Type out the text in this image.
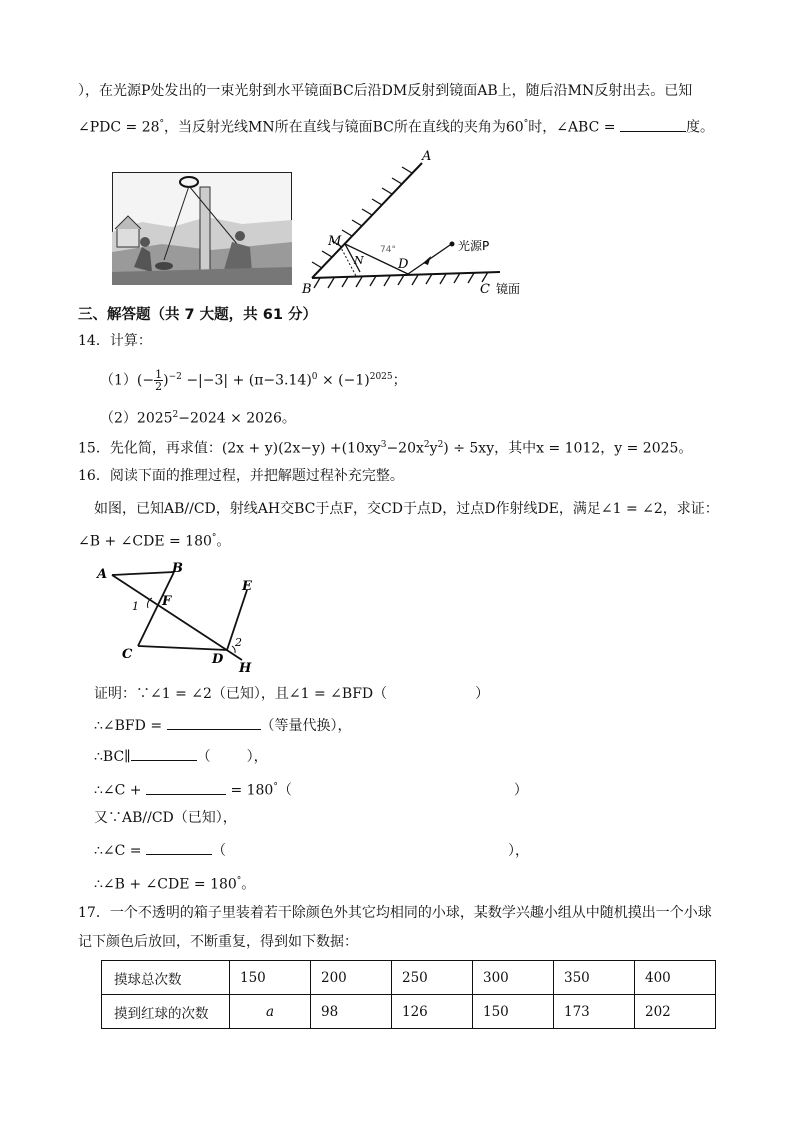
），在光源P处发出的一束光射到水平镜面BC后沿DM反射到镜面AB上，随后沿MN反射出去。已知
∠PDC = 28°，当反射光线MN所在直线与镜面BC所在直线的夹角为60°时，∠ABC =	度。
A
B	C 镜面
M
N	D
光源P
74°
三、解答题（共 7 大题，共 61 分）
14．计算：
$(1)(- \frac{1}{2} )^{-2} -|-3| + (\pi-3.14)^0 \times (-1)^{2025}$；
$(2)2025^2-2024 \times 2026$。
15．先化简，再求值：$(2x + y)(2x-y) +(10xy^3-20x^2y^2) \div 5xy$，其中x = 1012，y = 2025。
16．阅读下面的推理过程，并把解题过程补充完整。
如图，已知AB//CD，射线AH交BC于点F，交CD于点D，过点D作射线DE，满足∠1 = ∠2，求证：
∠B + ∠CDE = 180°。
A	B
C	D
E
F
H
1
2
证明：∵∠1 = ∠2（已知），且∠1 = ∠BFD（	）
∴∠BFD =	（等量代换），
∴BC∥	（	），
∴∠C +	= 180°（	）
又∵AB//CD（已知），
∴∠C =	（	），
∴∠B + ∠CDE = 180°。
17．一个不透明的箱子里装着若干除颜色外其它均相同的小球，某数学兴趣小组从中随机摸出一个小球
记下颜色后放回，不断重复，得到如下数据：
摸球总次数	150	200	250	300	350	400
摸到红球的次数	a	98	126	150	173	202
